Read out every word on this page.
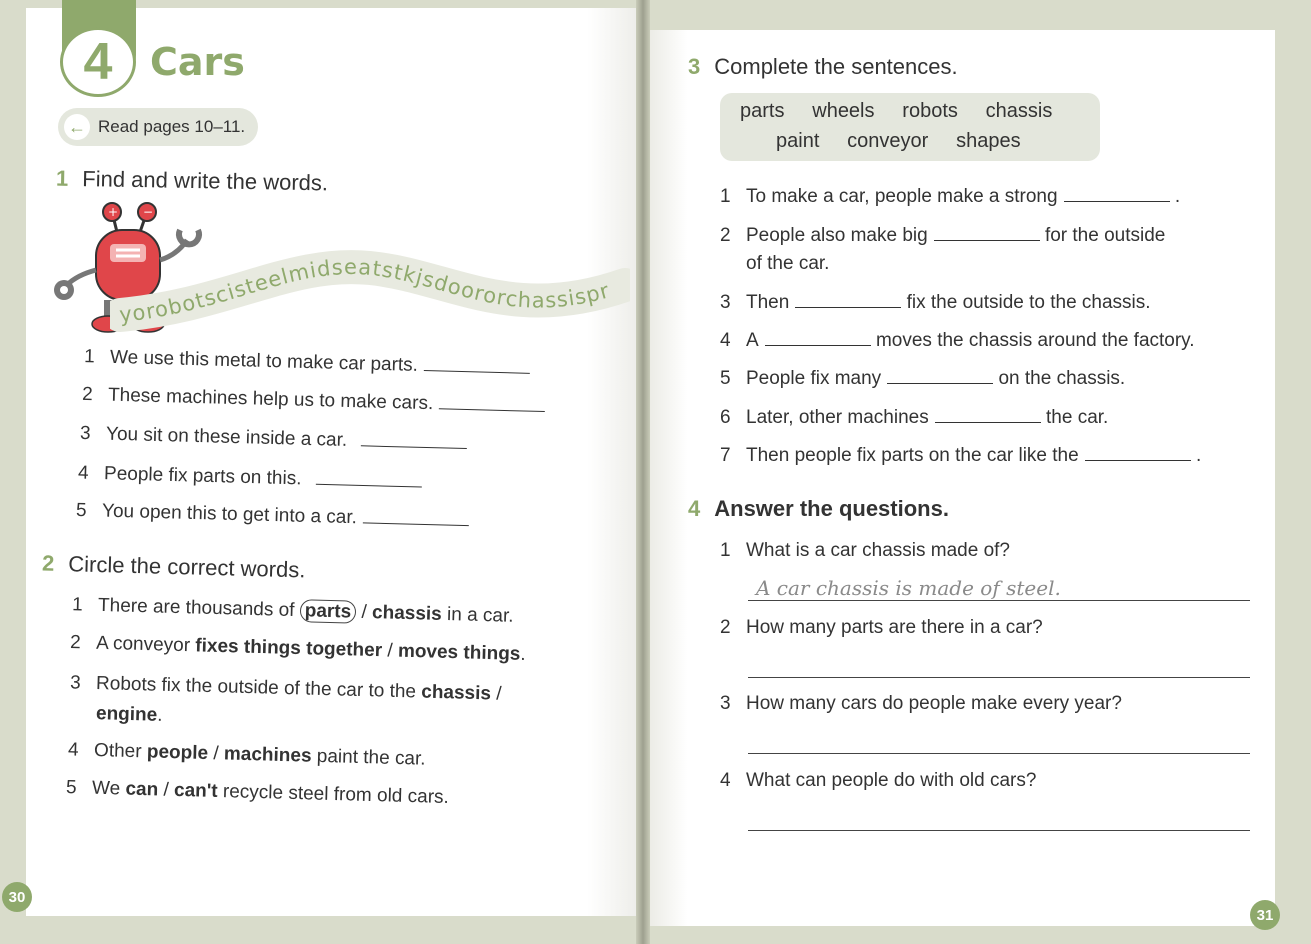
4 Cars
← Read pages 10–11.
1 Find and write the words.
+ −
yorobotscisteelmidseatstkjsdoororchassispr
1 We use this metal to make car parts.
2 These machines help us to make cars.
3 You sit on these inside a car.
4 People fix parts on this.
5 You open this to get into a car.
2 Circle the correct words.
1 There are thousands of parts / chassis in a car.
2 A conveyor fixes things together / moves things.
3 Robots fix the outside of the car to the chassis /
engine.
4 Other people / machines paint the car.
5 We can / can't recycle steel from old cars.
30
3 Complete the sentences.
parts     wheels     robots     chassis
paint     conveyor     shapes
1 To make a car, people make a strong	.
2 People also make big	for the outside
of the car.
3 Then	fix the outside to the chassis.
4 A	moves the chassis around the factory.
5 People fix many	on the chassis.
6 Later, other machines	the car.
7 Then people fix parts on the car like the	.
4 Answer the questions.
1 What is a car chassis made of?
A car chassis is made of steel.
2 How many parts are there in a car?
3 How many cars do people make every year?
4 What can people do with old cars?
31
